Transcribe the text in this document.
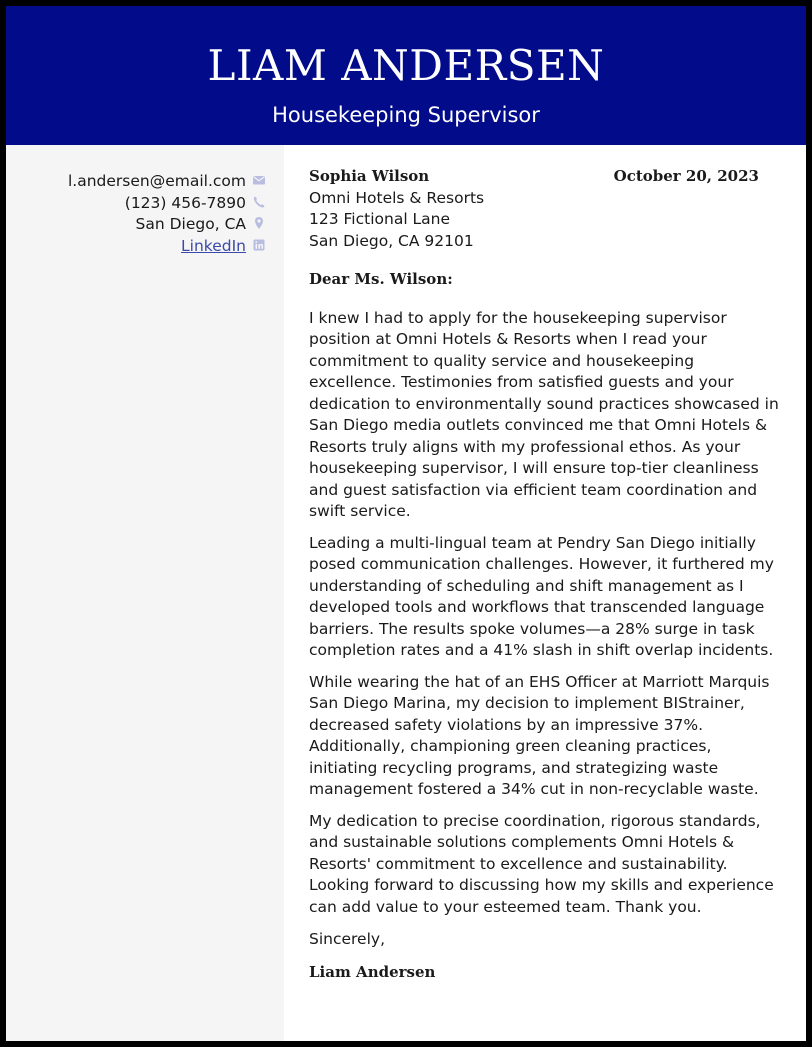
LIAM ANDERSEN
Housekeeping Supervisor
l.andersen@email.com
(123) 456-7890
San Diego, CA
LinkedIn
Sophia Wilson	October 20, 2023
Omni Hotels & Resorts
123 Fictional Lane
San Diego, CA 92101
Dear Ms. Wilson:

I knew I had to apply for the housekeeping supervisor position at Omni Hotels & Resorts when I read your commitment to quality service and housekeeping excellence. Testimonies from satisfied guests and your dedication to environmentally sound practices showcased in San Diego media outlets convinced me that Omni Hotels & Resorts truly aligns with my professional ethos. As your housekeeping supervisor, I will ensure top-tier cleanliness and guest satisfaction via efficient team coordination and swift service.

Leading a multi-lingual team at Pendry San Diego initially posed communication challenges. However, it furthered my understanding of scheduling and shift management as I developed tools and workflows that transcended language barriers. The results spoke volumes—a 28% surge in task completion rates and a 41% slash in shift overlap incidents.

While wearing the hat of an EHS Officer at Marriott Marquis San Diego Marina, my decision to implement BIStrainer, decreased safety violations by an impressive 37%. Additionally, championing green cleaning practices, initiating recycling programs, and strategizing waste management fostered a 34% cut in non-recyclable waste.

My dedication to precise coordination, rigorous standards, and sustainable solutions complements Omni Hotels & Resorts' commitment to excellence and sustainability. Looking forward to discussing how my skills and experience can add value to your esteemed team. Thank you.

Sincerely,
Liam Andersen
